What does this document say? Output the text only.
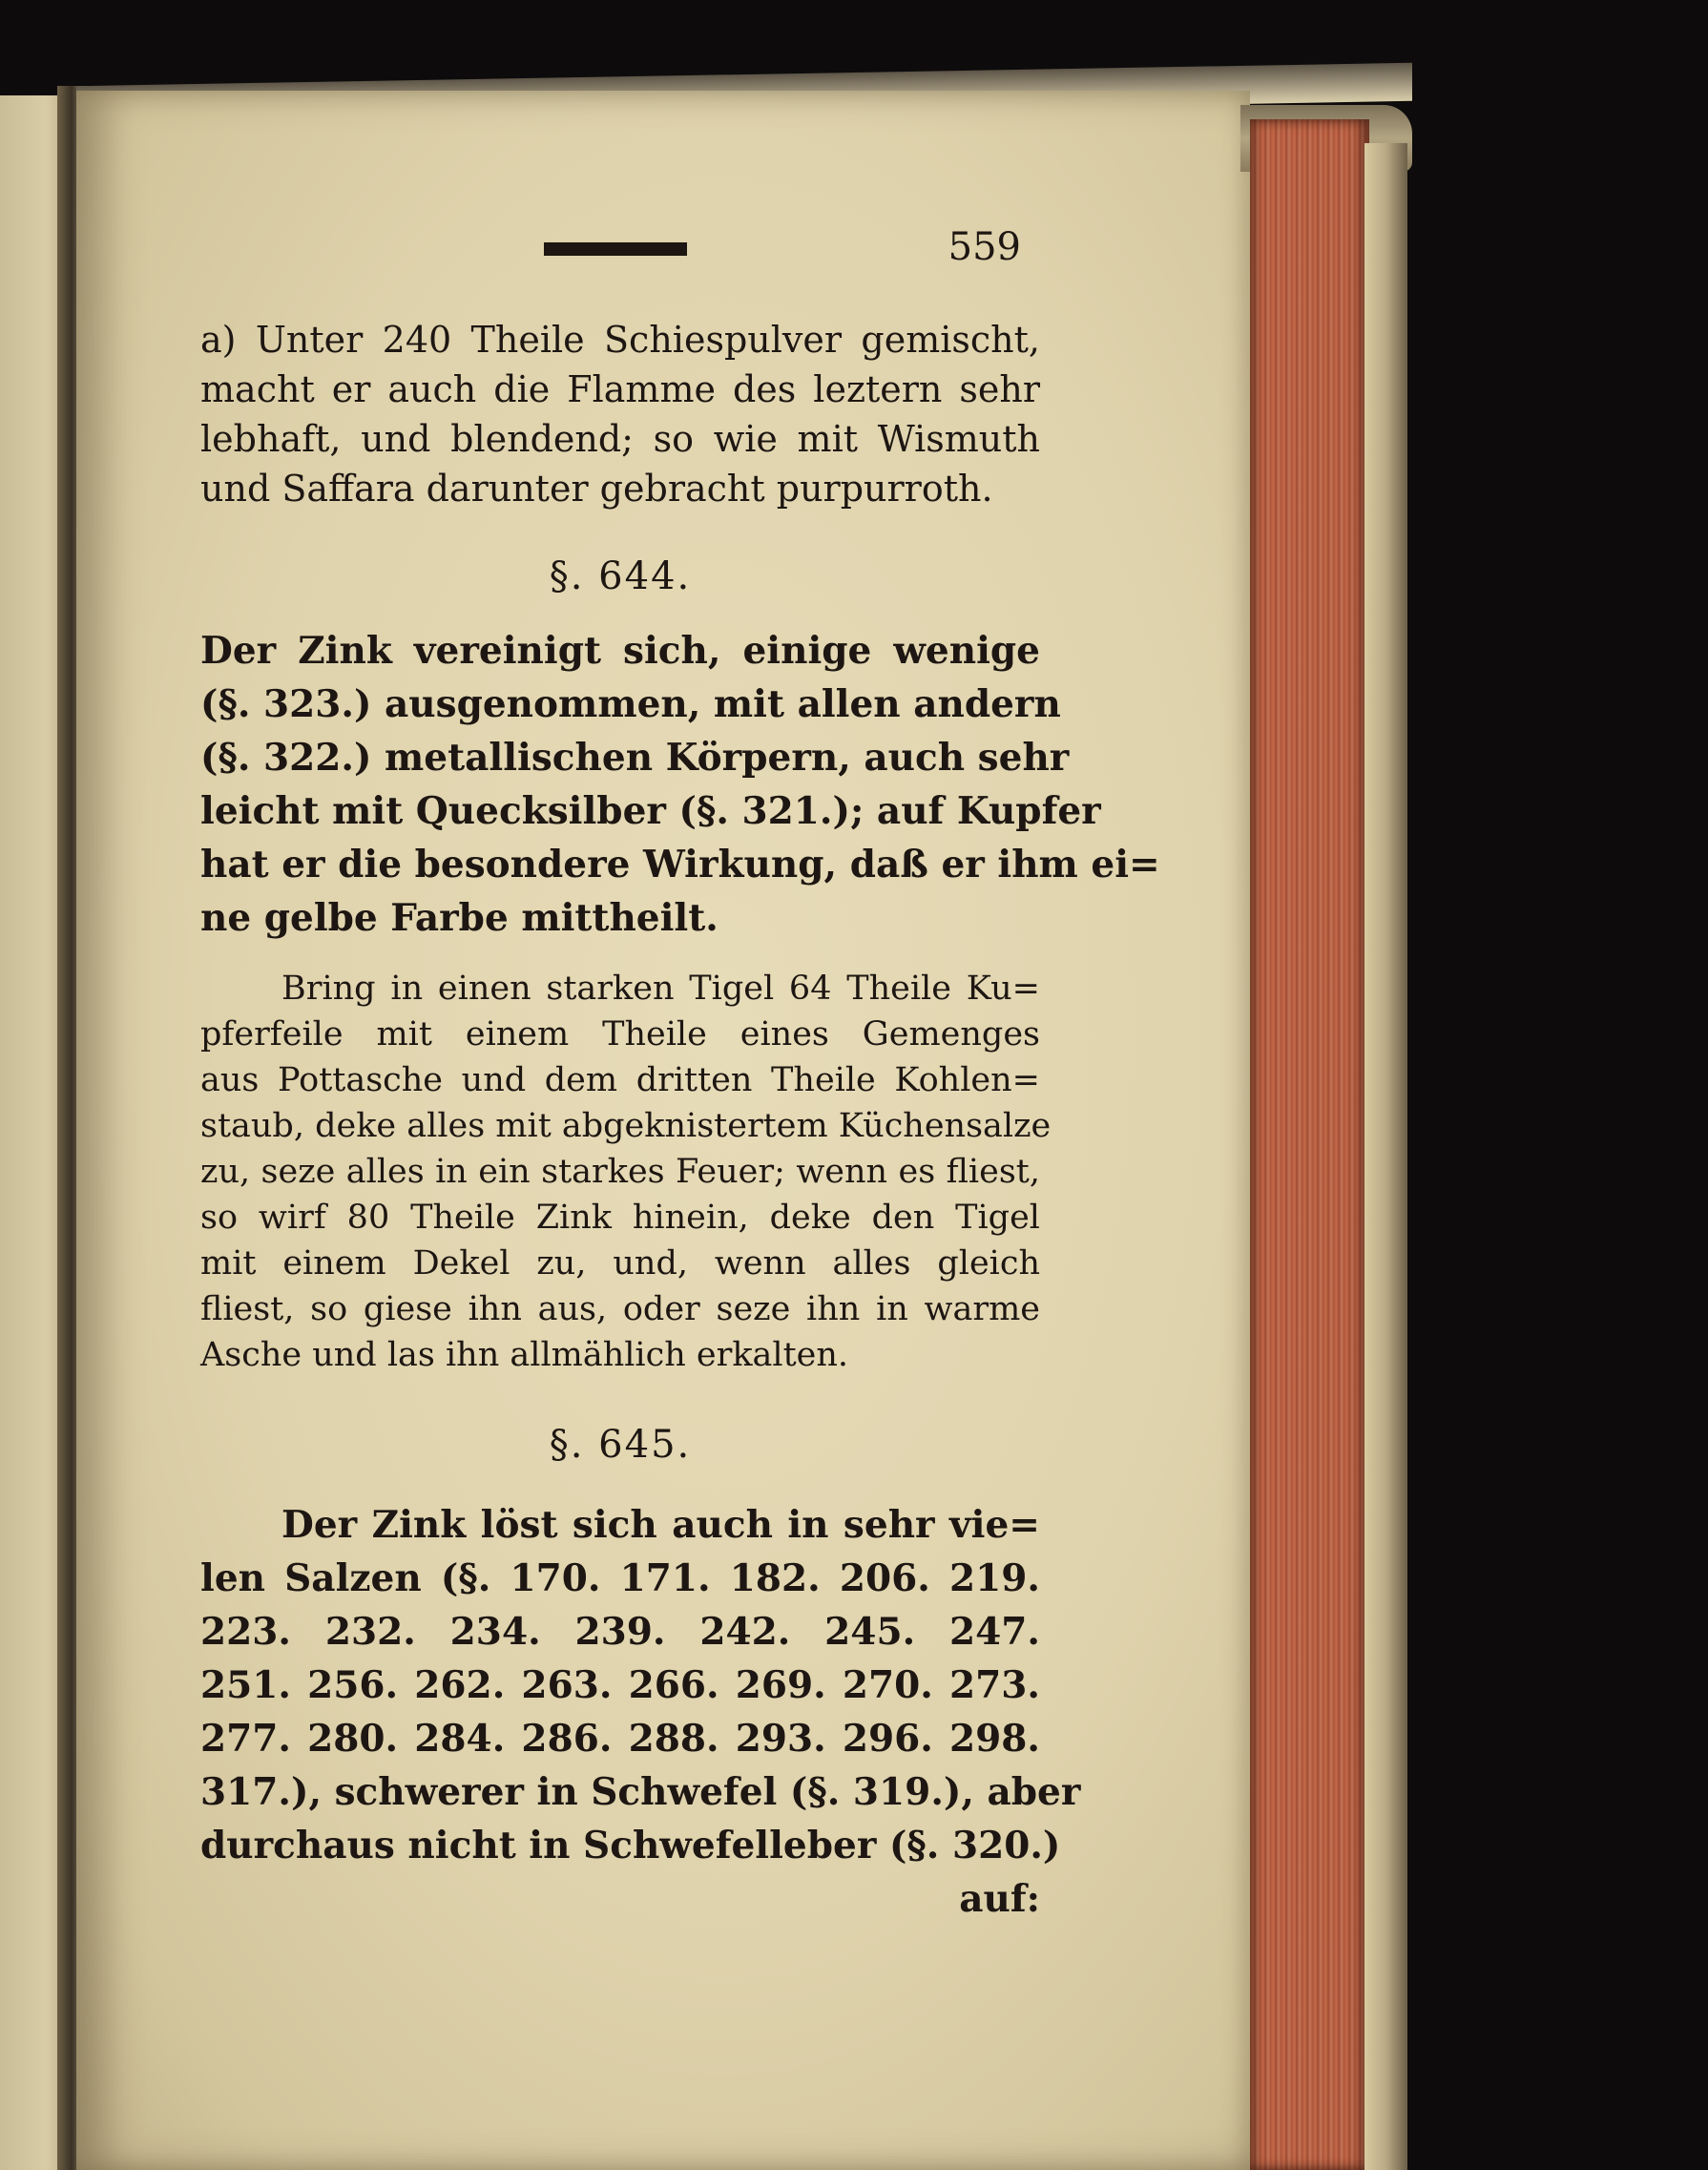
559

a) Unter 240 Theile Schiespulver gemischt,
macht er auch die Flamme des leztern sehr
lebhaft, und blendend; so wie mit Wismuth
und Saffara darunter gebracht purpurroth.

§. 644.

Der Zink vereinigt sich, einige wenige
(§. 323.) ausgenommen, mit allen andern
(§. 322.) metallischen Körpern, auch sehr
leicht mit Quecksilber (§. 321.); auf Kupfer
hat er die besondere Wirkung, daß er ihm ei=
ne gelbe Farbe mittheilt.

Bring in einen starken Tigel 64 Theile Ku=
pferfeile mit einem Theile eines Gemenges
aus Pottasche und dem dritten Theile Kohlen=
staub, deke alles mit abgeknistertem Küchensalze
zu, seze alles in ein starkes Feuer; wenn es fliest,
so wirf 80 Theile Zink hinein, deke den Tigel
mit einem Dekel zu, und, wenn alles gleich
fliest, so giese ihn aus, oder seze ihn in warme
Asche und las ihn allmählich erkalten.

§. 645.

Der Zink löst sich auch in sehr vie=
len Salzen (§. 170. 171. 182. 206. 219.
223. 232. 234. 239. 242. 245. 247.
251. 256. 262. 263. 266. 269. 270. 273.
277. 280. 284. 286. 288. 293. 296. 298.
317.), schwerer in Schwefel (§. 319.), aber
durchaus nicht in Schwefelleber (§. 320.)
auf:
